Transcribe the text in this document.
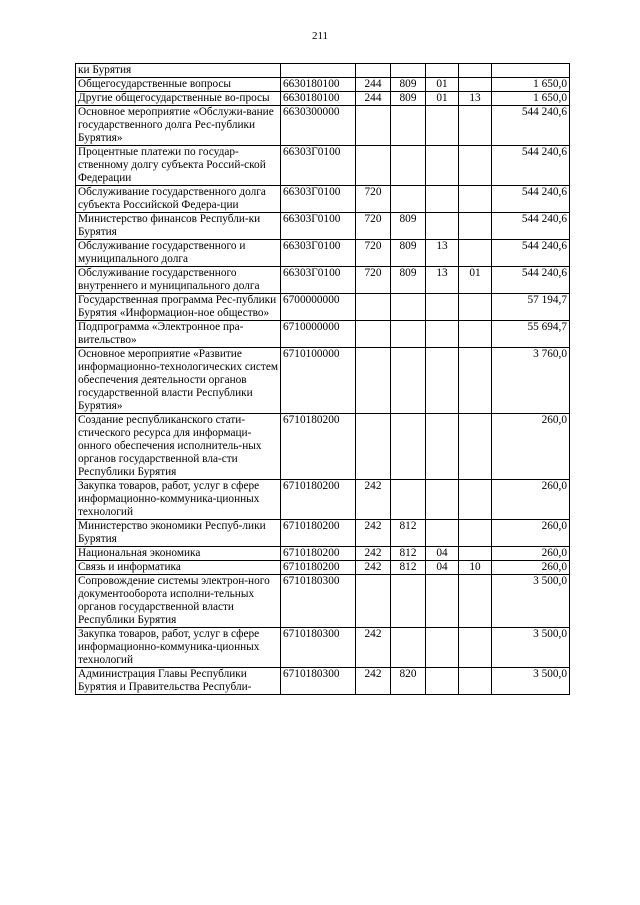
211
ки Бурятия						
Общегосударственные вопросы	6630180100	244	809	01		1 650,0
Другие общегосударственные во-просы	6630180100	244	809	01	13	1 650,0
Основное мероприятие «Обслужи-вание государственного долга Рес-публики Бурятия»	6630300000					544 240,6
Процентные платежи по государ-ственному долгу субъекта Россий-ской Федерации	66303Г0100					544 240,6
Обслуживание государственного долга субъекта Российской Федера-ции	66303Г0100	720				544 240,6
Министерство финансов Республи-ки Бурятия	66303Г0100	720	809			544 240,6
Обслуживание государственного и муниципального долга	66303Г0100	720	809	13		544 240,6
Обслуживание государственного внутреннего и муниципального долга	66303Г0100	720	809	13	01	544 240,6
Государственная программа Рес-публики Бурятия «Информацион-ное общество»	6700000000					57 194,7
Подпрограмма «Электронное пра-вительство»	6710000000					55 694,7
Основное мероприятие «Развитие информационно-технологических систем обеспечения деятельности органов государственной власти Республики Бурятия»	6710100000					3 760,0
Создание республиканского стати-стического ресурса для информаци-онного обеспечения исполнитель-ных органов государственной вла-сти Республики Бурятия	6710180200					260,0
Закупка товаров, работ, услуг в сфере информационно-коммуника-ционных технологий	6710180200	242				260,0
Министерство экономики Респуб-лики Бурятия	6710180200	242	812			260,0
Национальная экономика	6710180200	242	812	04		260,0
Связь и информатика	6710180200	242	812	04	10	260,0
Сопровождение системы электрон-ного документооборота исполни-тельных органов государственной власти Республики Бурятия	6710180300					3 500,0
Закупка товаров, работ, услуг в сфере информационно-коммуника-ционных технологий	6710180300	242				3 500,0
Администрация Главы Республики Бурятия и Правительства Республи-	6710180300	242	820			3 500,0
